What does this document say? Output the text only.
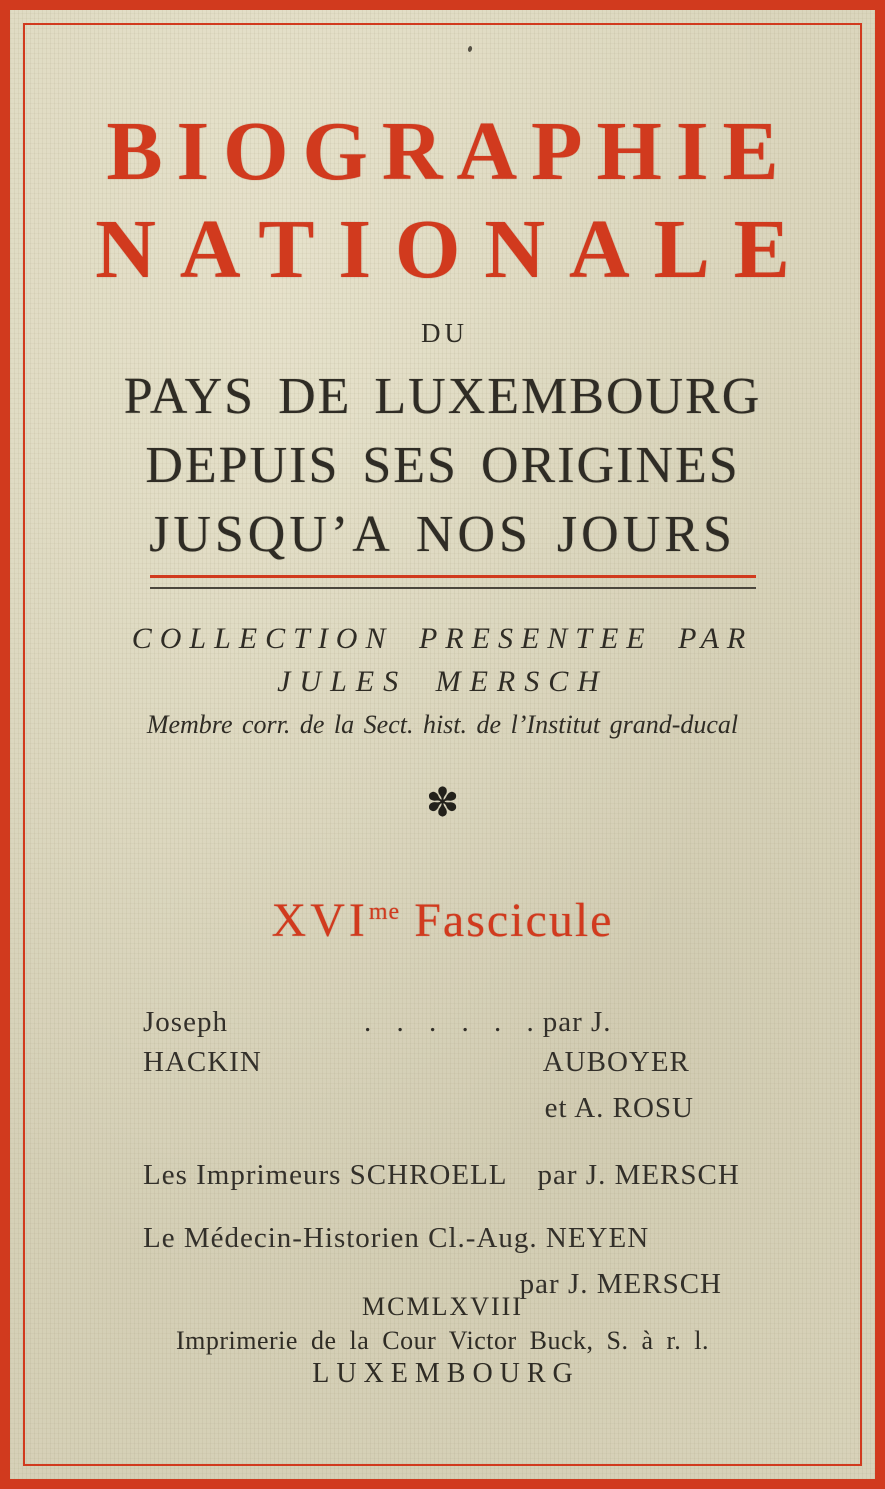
BIOGRAPHIE
NATIONALE
DU
PAYS DE LUXEMBOURG
DEPUIS SES ORIGINES
JUSQU’A NOS JOURS
COLLECTION PRESENTEE PAR
JULES MERSCH
Membre corr. de la Sect. hist. de l’Institut grand-ducal
✽
$XVI^{me}$ Fascicule
Joseph HACKIN
. . . . . . par J. AUBOYER
et A. ROSU
Les Imprimeurs SCHROELL par J. MERSCH
Le Médecin-Historien Cl.-Aug. NEYEN
par J. MERSCH
MCMLXVIII
Imprimerie de la Cour Victor Buck, S. à r. l.
LUXEMBOURG
